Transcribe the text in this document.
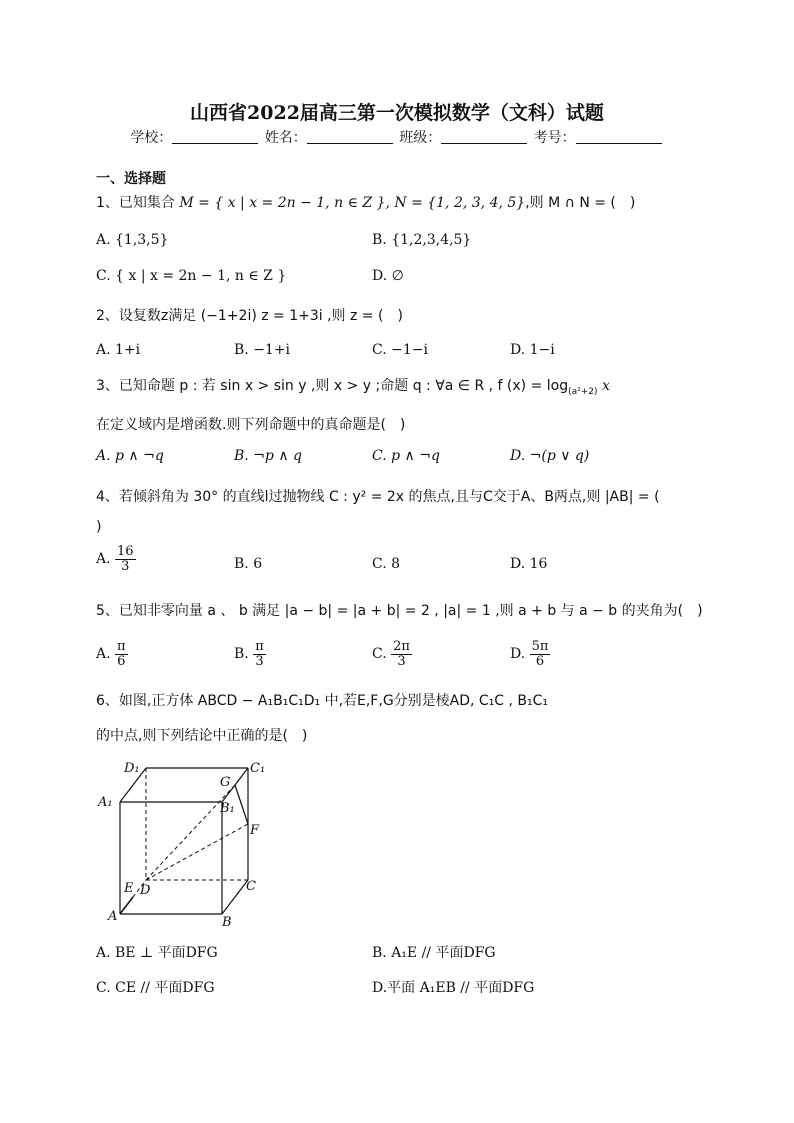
山西省2022届高三第一次模拟数学（文科）试题
学校：	姓名：	班级：	考号：
一、选择题
1、已知集合 M = { x | x = 2n − 1, n ∈ Z }, N = {1, 2, 3, 4, 5},则 M ∩ N = (　)
A. {1,3,5}	B. {1,2,3,4,5}
C. { x | x = 2n − 1, n ∈ Z }	D. ∅
2、设复数z满足 (−1+2i) z = 1+3i ,则 z = (　)
A. 1+i	B. −1+i	C. −1−i	D. 1−i
3、已知命题 p : 若 sin x > sin y ,则 x > y ;命题 q : ∀a ∈ R , f $(x) = \log_{(a^2+2)} x$
在定义域内是增函数.则下列命题中的真命题是(　)
A. p ∧ ¬q	B. ¬p ∧ q	C. p ∧ ¬q	D. ¬(p ∨ q)
4、若倾斜角为 30° 的直线l过抛物线 C : y² = 2x 的焦点,且与C交于A、B两点,则 |AB| = (
)
A. $\frac{16}{3}$	B. 6	C. 8	D. 16
5、已知非零向量 a 、 b 满足 |a − b| = |a + b| = 2 , |a| = 1 ,则 a + b 与 a − b 的夹角为(　)
A. $\frac{\pi}{6}$	B. $\frac{\pi}{3}$	C. $\frac{2\pi}{3}$	D. $\frac{5\pi}{6}$
6、如图,正方体 ABCD − A₁B₁C₁D₁ 中,若E,F,G分别是棱AD, C₁C , B₁C₁
的中点,则下列结论中正确的是(　)
D₁	C₁
A₁	B₁
G
F
E D	C
A	B
A. BE ⊥ 平面DFG	B. A₁E // 平面DFG
C. CE // 平面DFG	D.平面 A₁EB // 平面DFG
